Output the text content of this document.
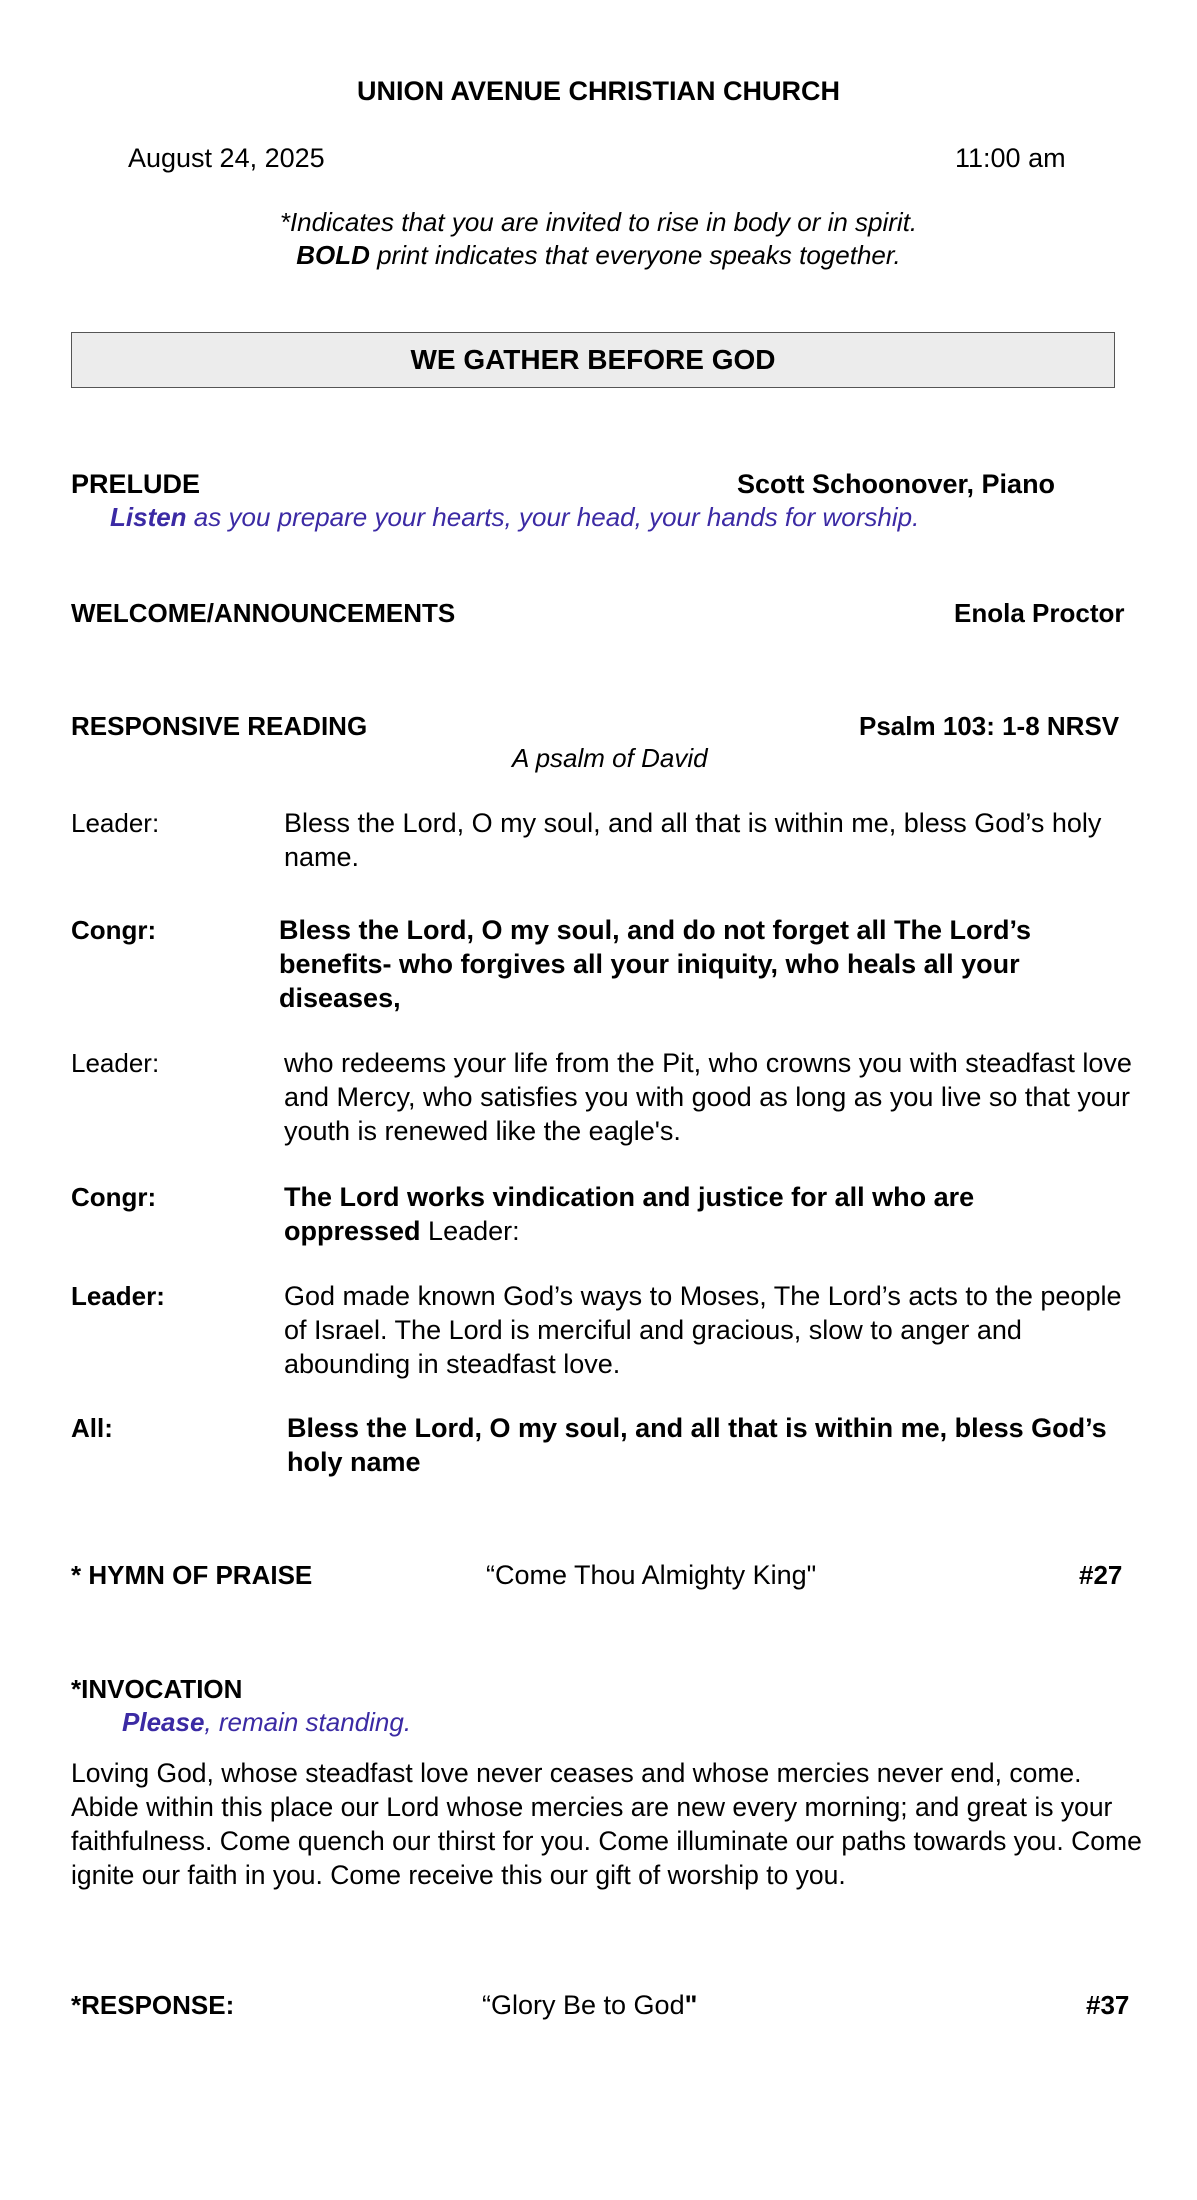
UNION AVENUE CHRISTIAN CHURCH
August 24, 2025	11:00 am
*Indicates that you are invited to rise in body or in spirit.
BOLD print indicates that everyone speaks together.
WE GATHER BEFORE GOD
PRELUDE	Scott Schoonover, Piano
Listen as you prepare your hearts, your head, your hands for worship.
WELCOME/ANNOUNCEMENTS	Enola Proctor
RESPONSIVE READING	Psalm 103: 1-8 NRSV
A psalm of David
Leader:	Bless the Lord, O my soul, and all that is within me, bless God’s holy name.
Congr:	Bless the Lord, O my soul, and do not forget all The Lord’s benefits- who forgives all your iniquity, who heals all your diseases,
Leader:	who redeems your life from the Pit, who crowns you with steadfast love and Mercy, who satisfies you with good as long as you live so that your youth is renewed like the eagle's.
Congr:	The Lord works vindication and justice for all who are oppressed Leader:
Leader:	God made known God’s ways to Moses, The Lord’s acts to the people of Israel. The Lord is merciful and gracious, slow to anger and abounding in steadfast love.
All:	Bless the Lord, O my soul, and all that is within me, bless God’s holy name
* HYMN OF PRAISE	“Come Thou Almighty King"	#27
*INVOCATION
Please, remain standing.
Loving God, whose steadfast love never ceases and whose mercies never end, come. Abide within this place our Lord whose mercies are new every morning; and great is your faithfulness. Come quench our thirst for you. Come illuminate our paths towards you. Come ignite our faith in you. Come receive this our gift of worship to you.
*RESPONSE:	“Glory Be to God"	#37
